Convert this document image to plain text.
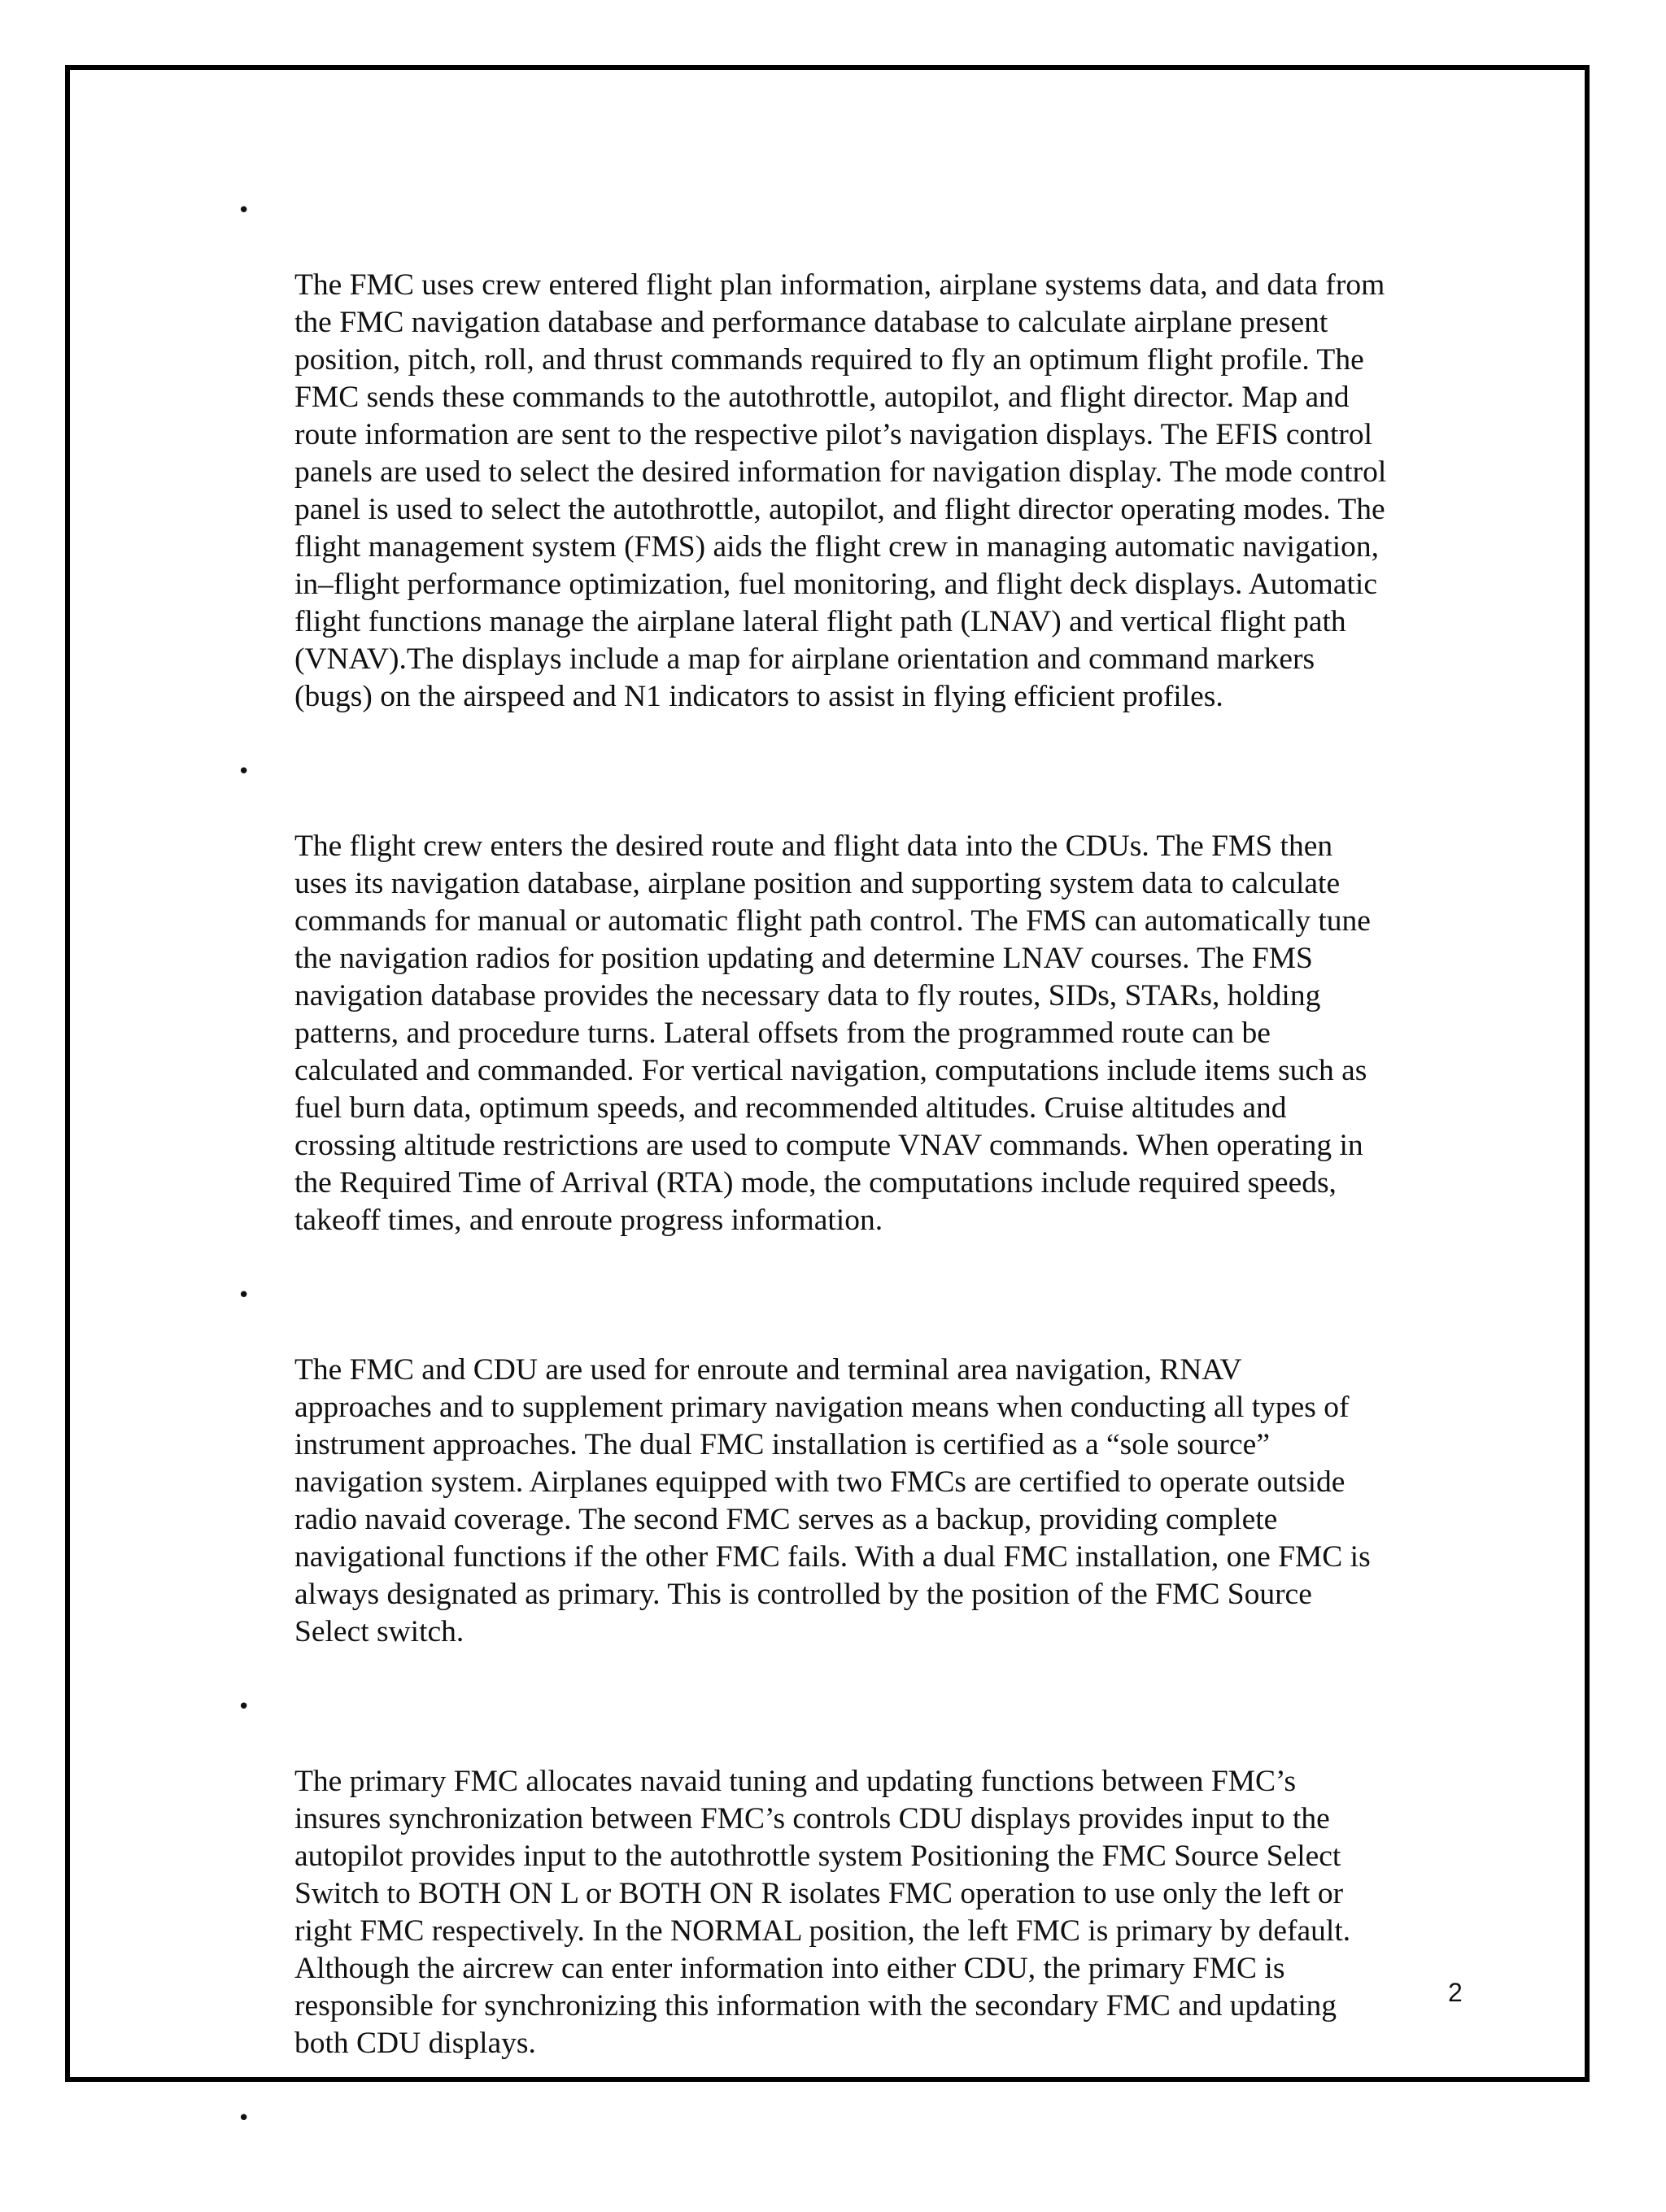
•

The FMC uses crew entered flight plan information, airplane systems data, and data from
the FMC navigation database and performance database to calculate airplane present
position, pitch, roll, and thrust commands required to fly an optimum flight profile. The
FMC sends these commands to the autothrottle, autopilot, and flight director. Map and
route information are sent to the respective pilot’s navigation displays. The EFIS control
panels are used to select the desired information for navigation display. The mode control
panel is used to select the autothrottle, autopilot, and flight director operating modes. The
flight management system (FMS) aids the flight crew in managing automatic navigation,
in–flight performance optimization, fuel monitoring, and flight deck displays. Automatic
flight functions manage the airplane lateral flight path (LNAV) and vertical flight path
(VNAV).The displays include a map for airplane orientation and command markers
(bugs) on the airspeed and N1 indicators to assist in flying efficient profiles.

•

The flight crew enters the desired route and flight data into the CDUs. The FMS then
uses its navigation database, airplane position and supporting system data to calculate
commands for manual or automatic flight path control. The FMS can automatically tune
the navigation radios for position updating and determine LNAV courses. The FMS
navigation database provides the necessary data to fly routes, SIDs, STARs, holding
patterns, and procedure turns. Lateral offsets from the programmed route can be
calculated and commanded. For vertical navigation, computations include items such as
fuel burn data, optimum speeds, and recommended altitudes. Cruise altitudes and
crossing altitude restrictions are used to compute VNAV commands. When operating in
the Required Time of Arrival (RTA) mode, the computations include required speeds,
takeoff times, and enroute progress information.

•

The FMC and CDU are used for enroute and terminal area navigation, RNAV
approaches and to supplement primary navigation means when conducting all types of
instrument approaches. The dual FMC installation is certified as a “sole source”
navigation system. Airplanes equipped with two FMCs are certified to operate outside
radio navaid coverage. The second FMC serves as a backup, providing complete
navigational functions if the other FMC fails. With a dual FMC installation, one FMC is
always designated as primary. This is controlled by the position of the FMC Source
Select switch.

•

The primary FMC allocates navaid tuning and updating functions between FMC’s
insures synchronization between FMC’s controls CDU displays provides input to the
autopilot provides input to the autothrottle system Positioning the FMC Source Select
Switch to BOTH ON L or BOTH ON R isolates FMC operation to use only the left or
right FMC respectively. In the NORMAL position, the left FMC is primary by default.
Although the aircrew can enter information into either CDU, the primary FMC is
responsible for synchronizing this information with the secondary FMC and updating
both CDU displays.

•

2
